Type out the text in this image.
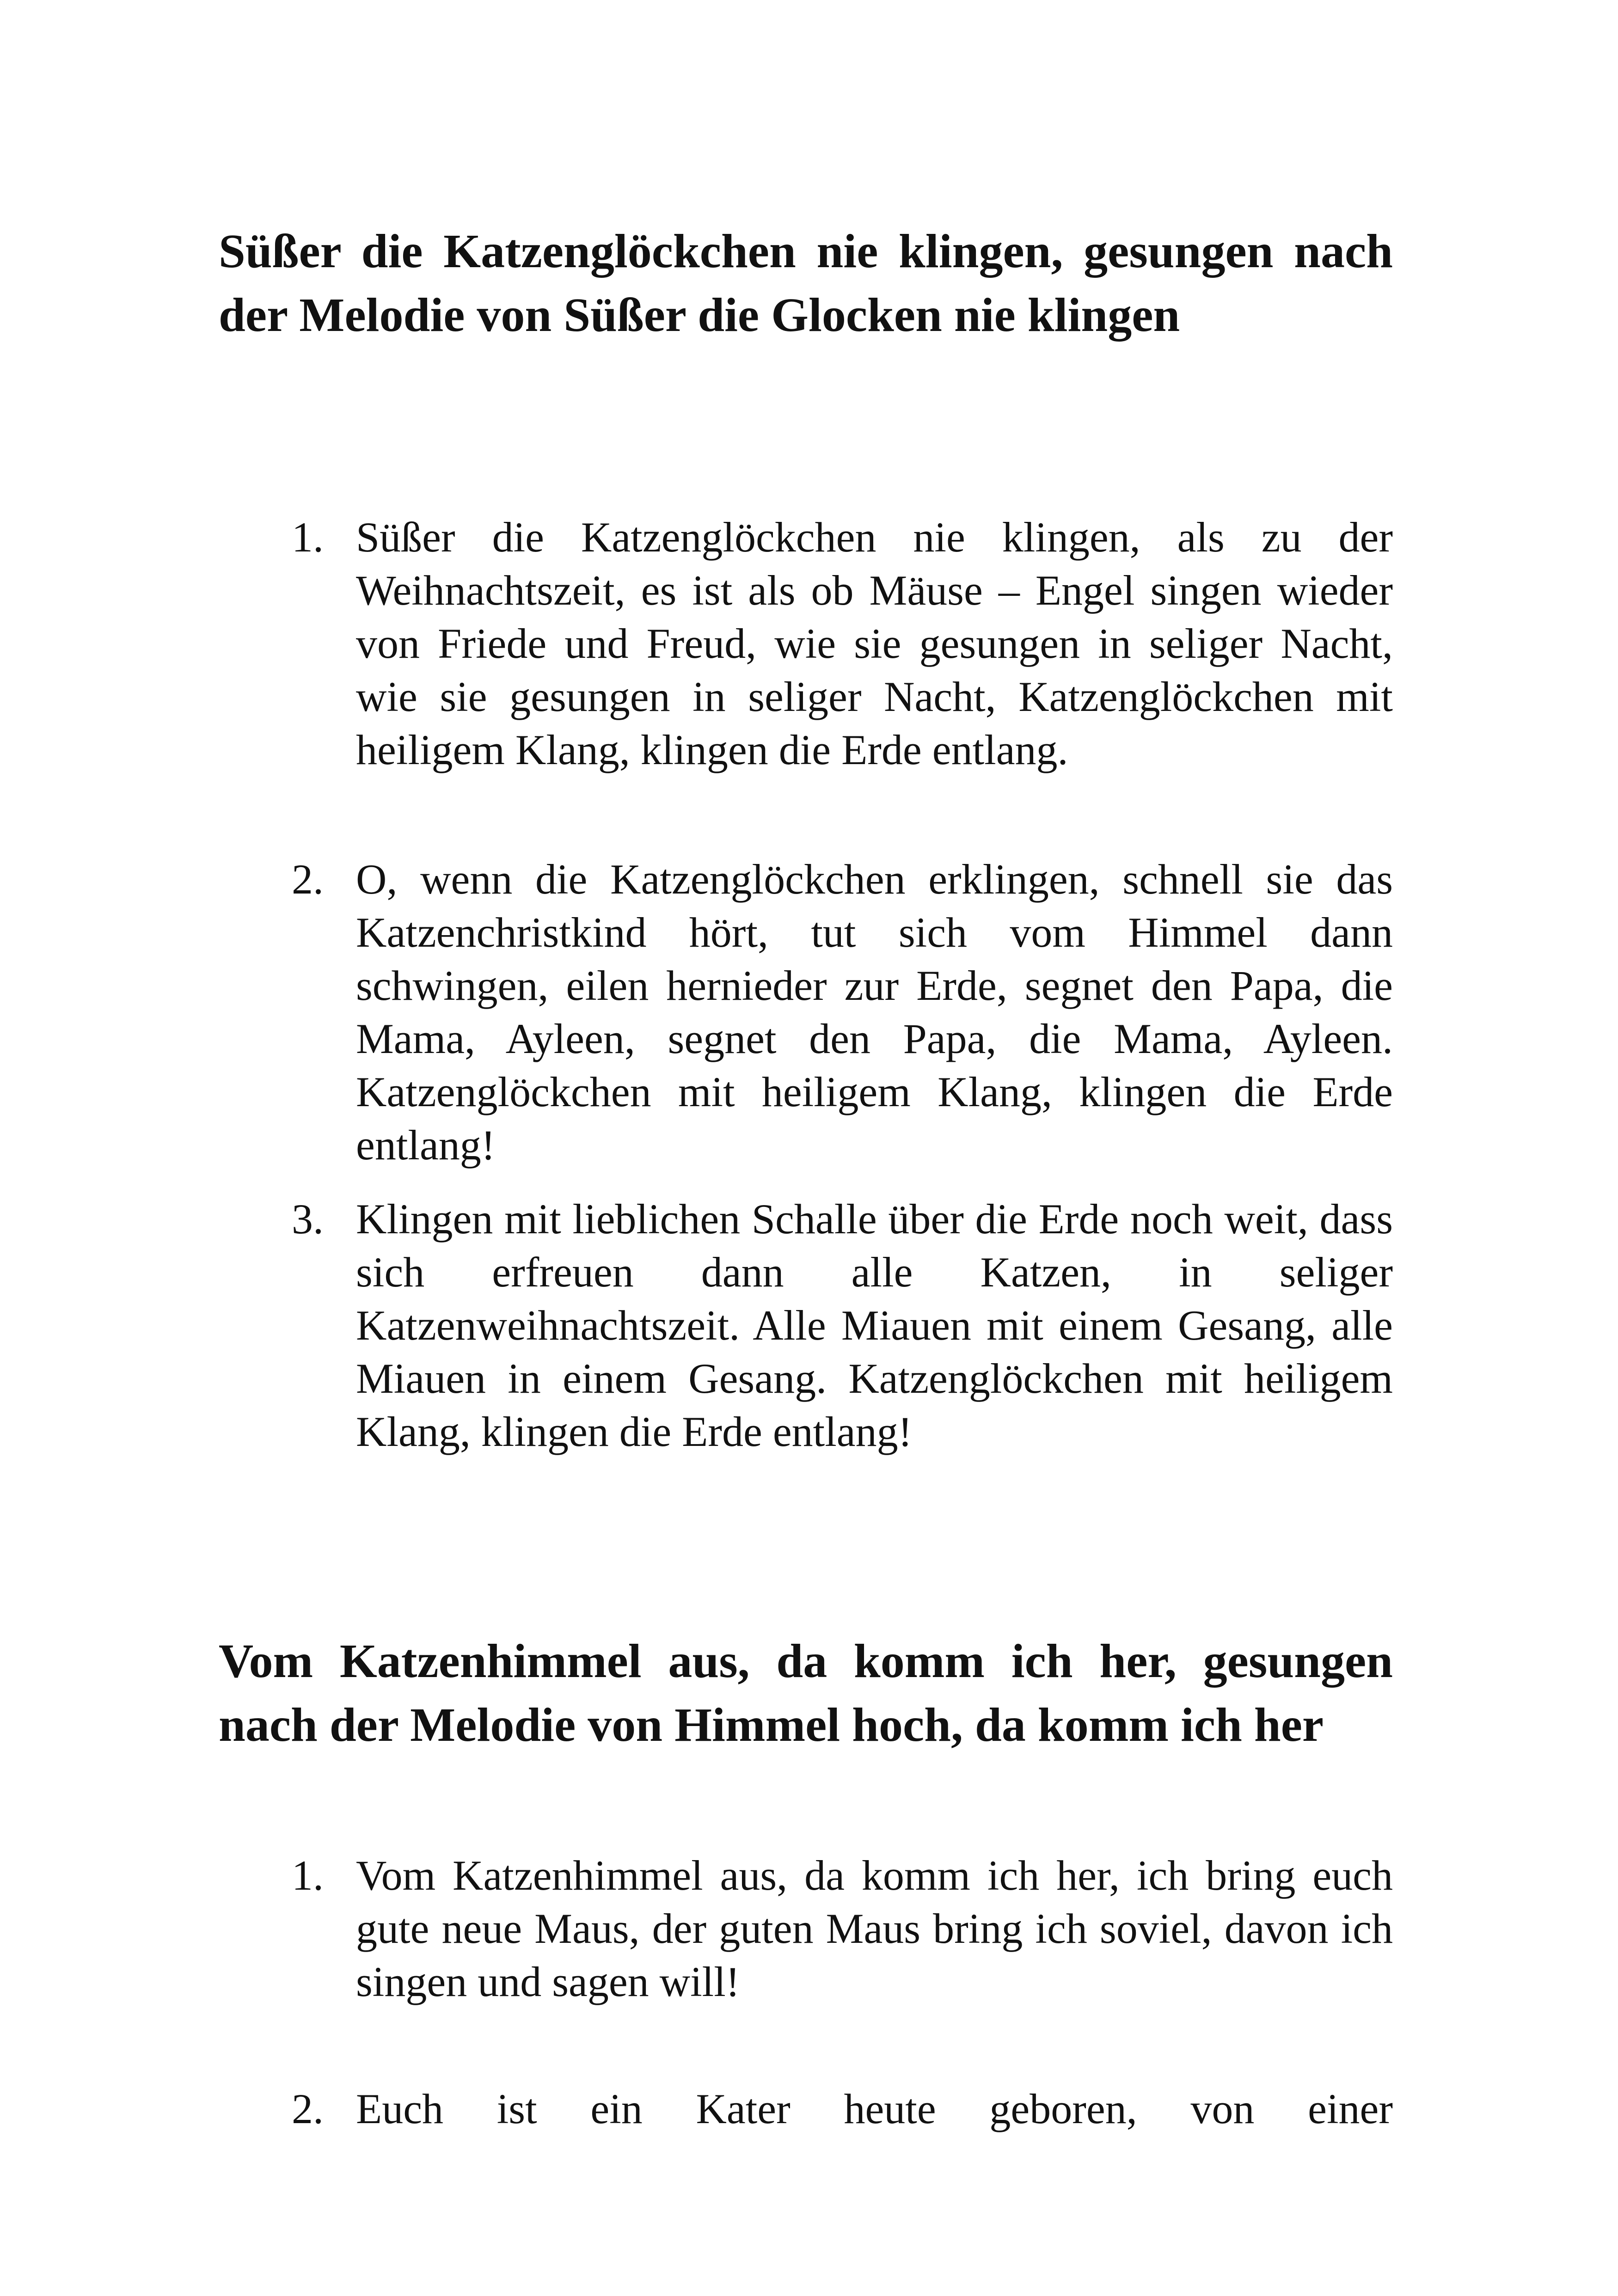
Süßer die Katzenglöckchen nie klingen, gesungen nach der Melodie von Süßer die Glocken nie klingen
1. Süßer die Katzenglöckchen nie klingen, als zu der Weihnachtszeit, es ist als ob Mäuse – Engel singen wieder von Friede und Freud, wie sie gesungen in seliger Nacht, wie sie gesungen in seliger Nacht, Katzenglöckchen mit heiligem Klang, klingen die Erde entlang.
2. O, wenn die Katzenglöckchen erklingen, schnell sie das Katzenchristkind hört, tut sich vom Himmel dann schwingen, eilen hernieder zur Erde, segnet den Papa, die Mama, Ayleen, segnet den Papa, die Mama, Ayleen. Katzenglöckchen mit heiligem Klang, klingen die Erde entlang!
3. Klingen mit lieblichen Schalle über die Erde noch weit, dass sich erfreuen dann alle Katzen, in seliger Katzenweihnachtszeit. Alle Miauen mit einem Gesang, alle Miauen in einem Gesang. Katzenglöckchen mit heiligem Klang, klingen die Erde entlang!
Vom Katzenhimmel aus, da komm ich her, gesungen nach der Melodie von Himmel hoch, da komm ich her
1. Vom Katzenhimmel aus, da komm ich her, ich bring euch gute neue Maus, der guten Maus bring ich soviel, davon ich singen und sagen will!
2. Euch ist ein Kater heute geboren, von einer
